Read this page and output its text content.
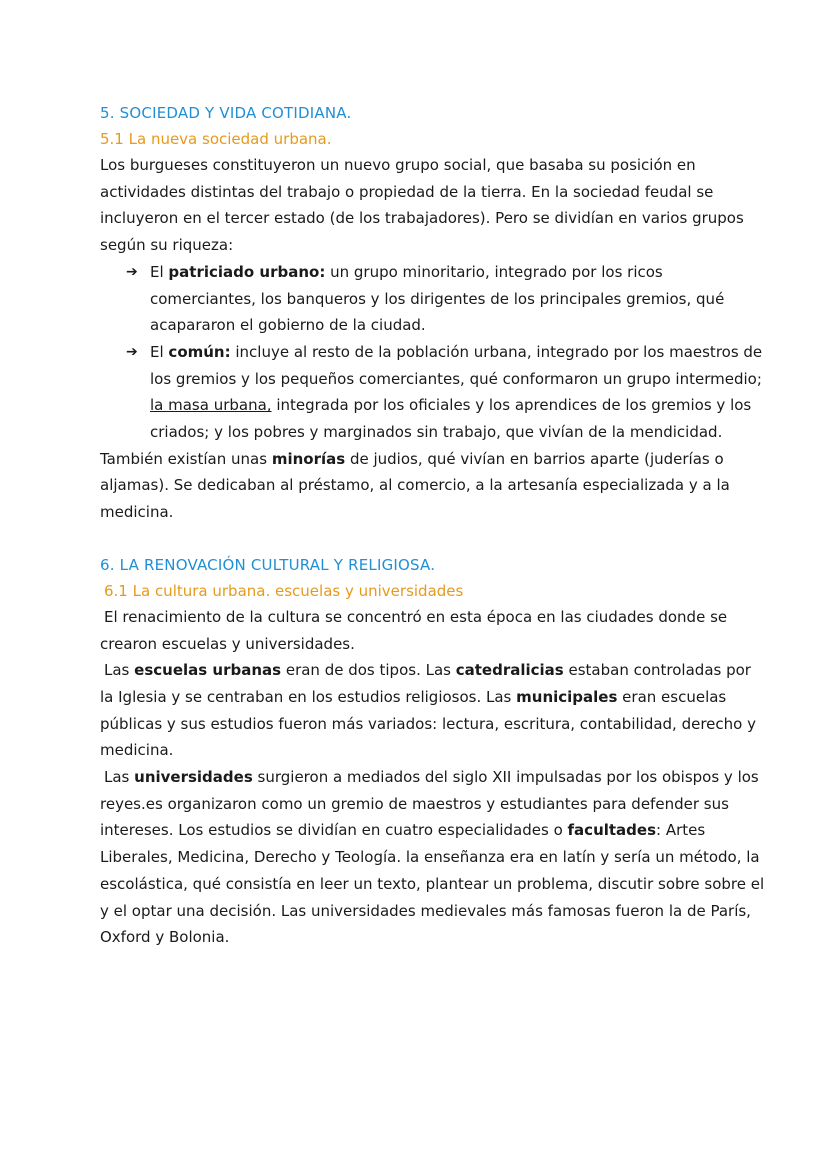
5. SOCIEDAD Y VIDA COTIDIANA.
5.1 La nueva sociedad urbana.

Los burgueses constituyeron un nuevo grupo social, que basaba su posición en actividades distintas del trabajo o propiedad de la tierra. En la sociedad feudal se incluyeron en el tercer estado (de los trabajadores). Pero se dividían en varios grupos según su riqueza:

➔ El patriciado urbano: un grupo minoritario, integrado por los ricos comerciantes, los banqueros y los dirigentes de los principales gremios, qué acapararon el gobierno de la ciudad.
➔ El común: incluye al resto de la población urbana, integrado por los maestros de los gremios y los pequeños comerciantes, qué conformaron un grupo intermedio; la masa urbana, integrada por los oficiales y los aprendices de los gremios y los criados; y los pobres y marginados sin trabajo, que vivían de la mendicidad.

También existían unas minorías de judios, qué vivían en barrios aparte (juderías o aljamas). Se dedicaban al préstamo, al comercio, a la artesanía especializada y a la medicina.

6. LA RENOVACIÓN CULTURAL Y RELIGIOSA.
6.1 La cultura urbana. escuelas y universidades

El renacimiento de la cultura se concentró en esta época en las ciudades donde se crearon escuelas y universidades.

Las escuelas urbanas eran de dos tipos. Las catedralicias estaban controladas por la Iglesia y se centraban en los estudios religiosos. Las municipales eran escuelas públicas y sus estudios fueron más variados: lectura, escritura, contabilidad, derecho y medicina.

Las universidades surgieron a mediados del siglo XII impulsadas por los obispos y los reyes.es organizaron como un gremio de maestros y estudiantes para defender sus intereses. Los estudios se dividían en cuatro especialidades o facultades: Artes Liberales, Medicina, Derecho y Teología. la enseñanza era en latín y sería un método, la escolástica, qué consistía en leer un texto, plantear un problema, discutir sobre sobre el y el optar una decisión. Las universidades medievales más famosas fueron la de París, Oxford y Bolonia.
